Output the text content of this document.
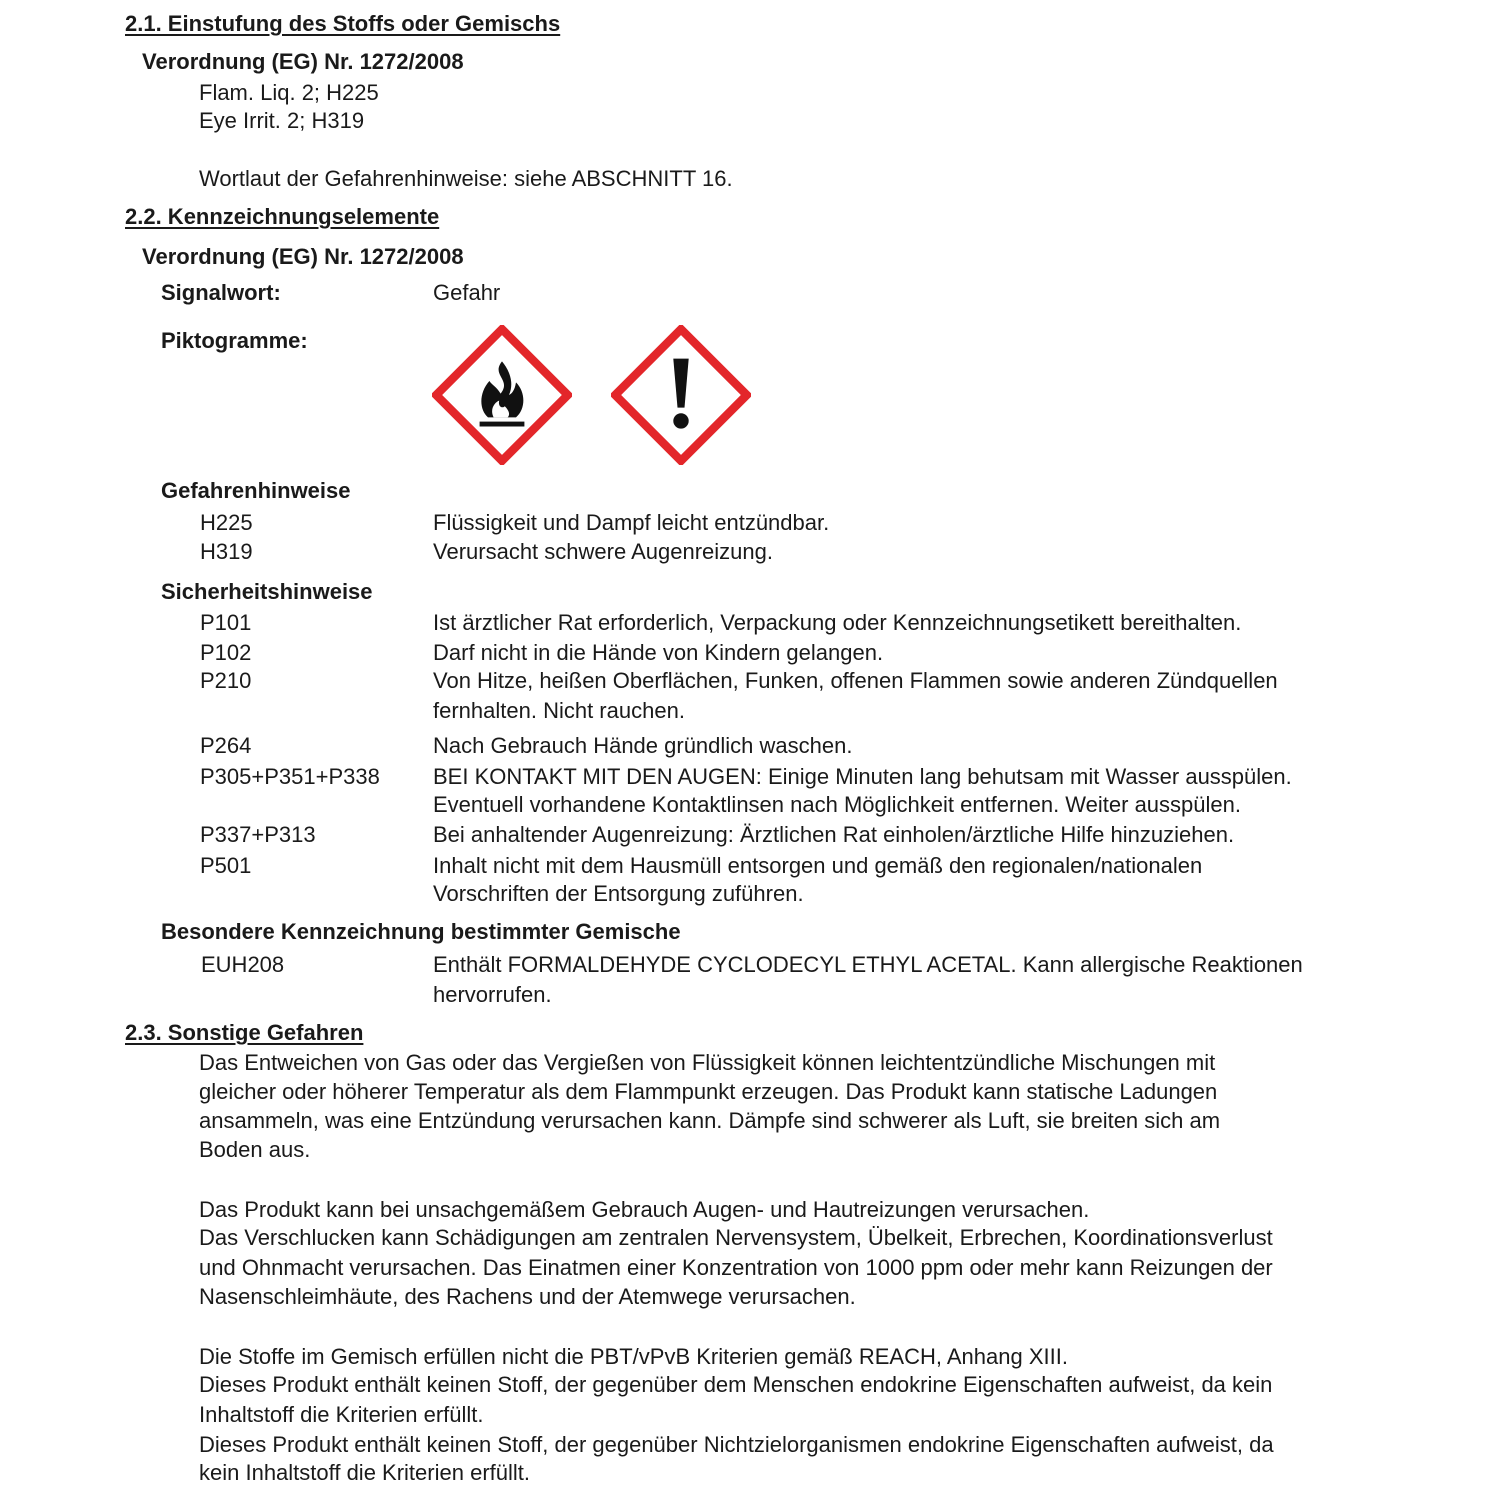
2.1. Einstufung des Stoffs oder Gemischs
Verordnung (EG) Nr. 1272/2008
Flam. Liq. 2; H225
Eye Irrit. 2; H319
Wortlaut der Gefahrenhinweise: siehe ABSCHNITT 16.
2.2. Kennzeichnungselemente
Verordnung (EG) Nr. 1272/2008
Signalwort:	Gefahr
Piktogramme:
Gefahrenhinweise
H225	Flüssigkeit und Dampf leicht entzündbar.
H319	Verursacht schwere Augenreizung.
Sicherheitshinweise
P101	Ist ärztlicher Rat erforderlich, Verpackung oder Kennzeichnungsetikett bereithalten.
P102	Darf nicht in die Hände von Kindern gelangen.
P210	Von Hitze, heißen Oberflächen, Funken, offenen Flammen sowie anderen Zündquellen
fernhalten. Nicht rauchen.
P264	Nach Gebrauch Hände gründlich waschen.
P305+P351+P338 BEI KONTAKT MIT DEN AUGEN: Einige Minuten lang behutsam mit Wasser ausspülen.
Eventuell vorhandene Kontaktlinsen nach Möglichkeit entfernen. Weiter ausspülen.
P337+P313	Bei anhaltender Augenreizung: Ärztlichen Rat einholen/ärztliche Hilfe hinzuziehen.
P501	Inhalt nicht mit dem Hausmüll entsorgen und gemäß den regionalen/nationalen
Vorschriften der Entsorgung zuführen.
Besondere Kennzeichnung bestimmter Gemische
EUH208	Enthält FORMALDEHYDE CYCLODECYL ETHYL ACETAL. Kann allergische Reaktionen
hervorrufen.
2.3. Sonstige Gefahren
Das Entweichen von Gas oder das Vergießen von Flüssigkeit können leichtentzündliche Mischungen mit
gleicher oder höherer Temperatur als dem Flammpunkt erzeugen. Das Produkt kann statische Ladungen
ansammeln, was eine Entzündung verursachen kann. Dämpfe sind schwerer als Luft, sie breiten sich am
Boden aus.
Das Produkt kann bei unsachgemäßem Gebrauch Augen- und Hautreizungen verursachen.
Das Verschlucken kann Schädigungen am zentralen Nervensystem, Übelkeit, Erbrechen, Koordinationsverlust
und Ohnmacht verursachen. Das Einatmen einer Konzentration von 1000 ppm oder mehr kann Reizungen der
Nasenschleimhäute, des Rachens und der Atemwege verursachen.
Die Stoffe im Gemisch erfüllen nicht die PBT/vPvB Kriterien gemäß REACH, Anhang XIII.
Dieses Produkt enthält keinen Stoff, der gegenüber dem Menschen endokrine Eigenschaften aufweist, da kein
Inhaltstoff die Kriterien erfüllt.
Dieses Produkt enthält keinen Stoff, der gegenüber Nichtzielorganismen endokrine Eigenschaften aufweist, da
kein Inhaltstoff die Kriterien erfüllt.
